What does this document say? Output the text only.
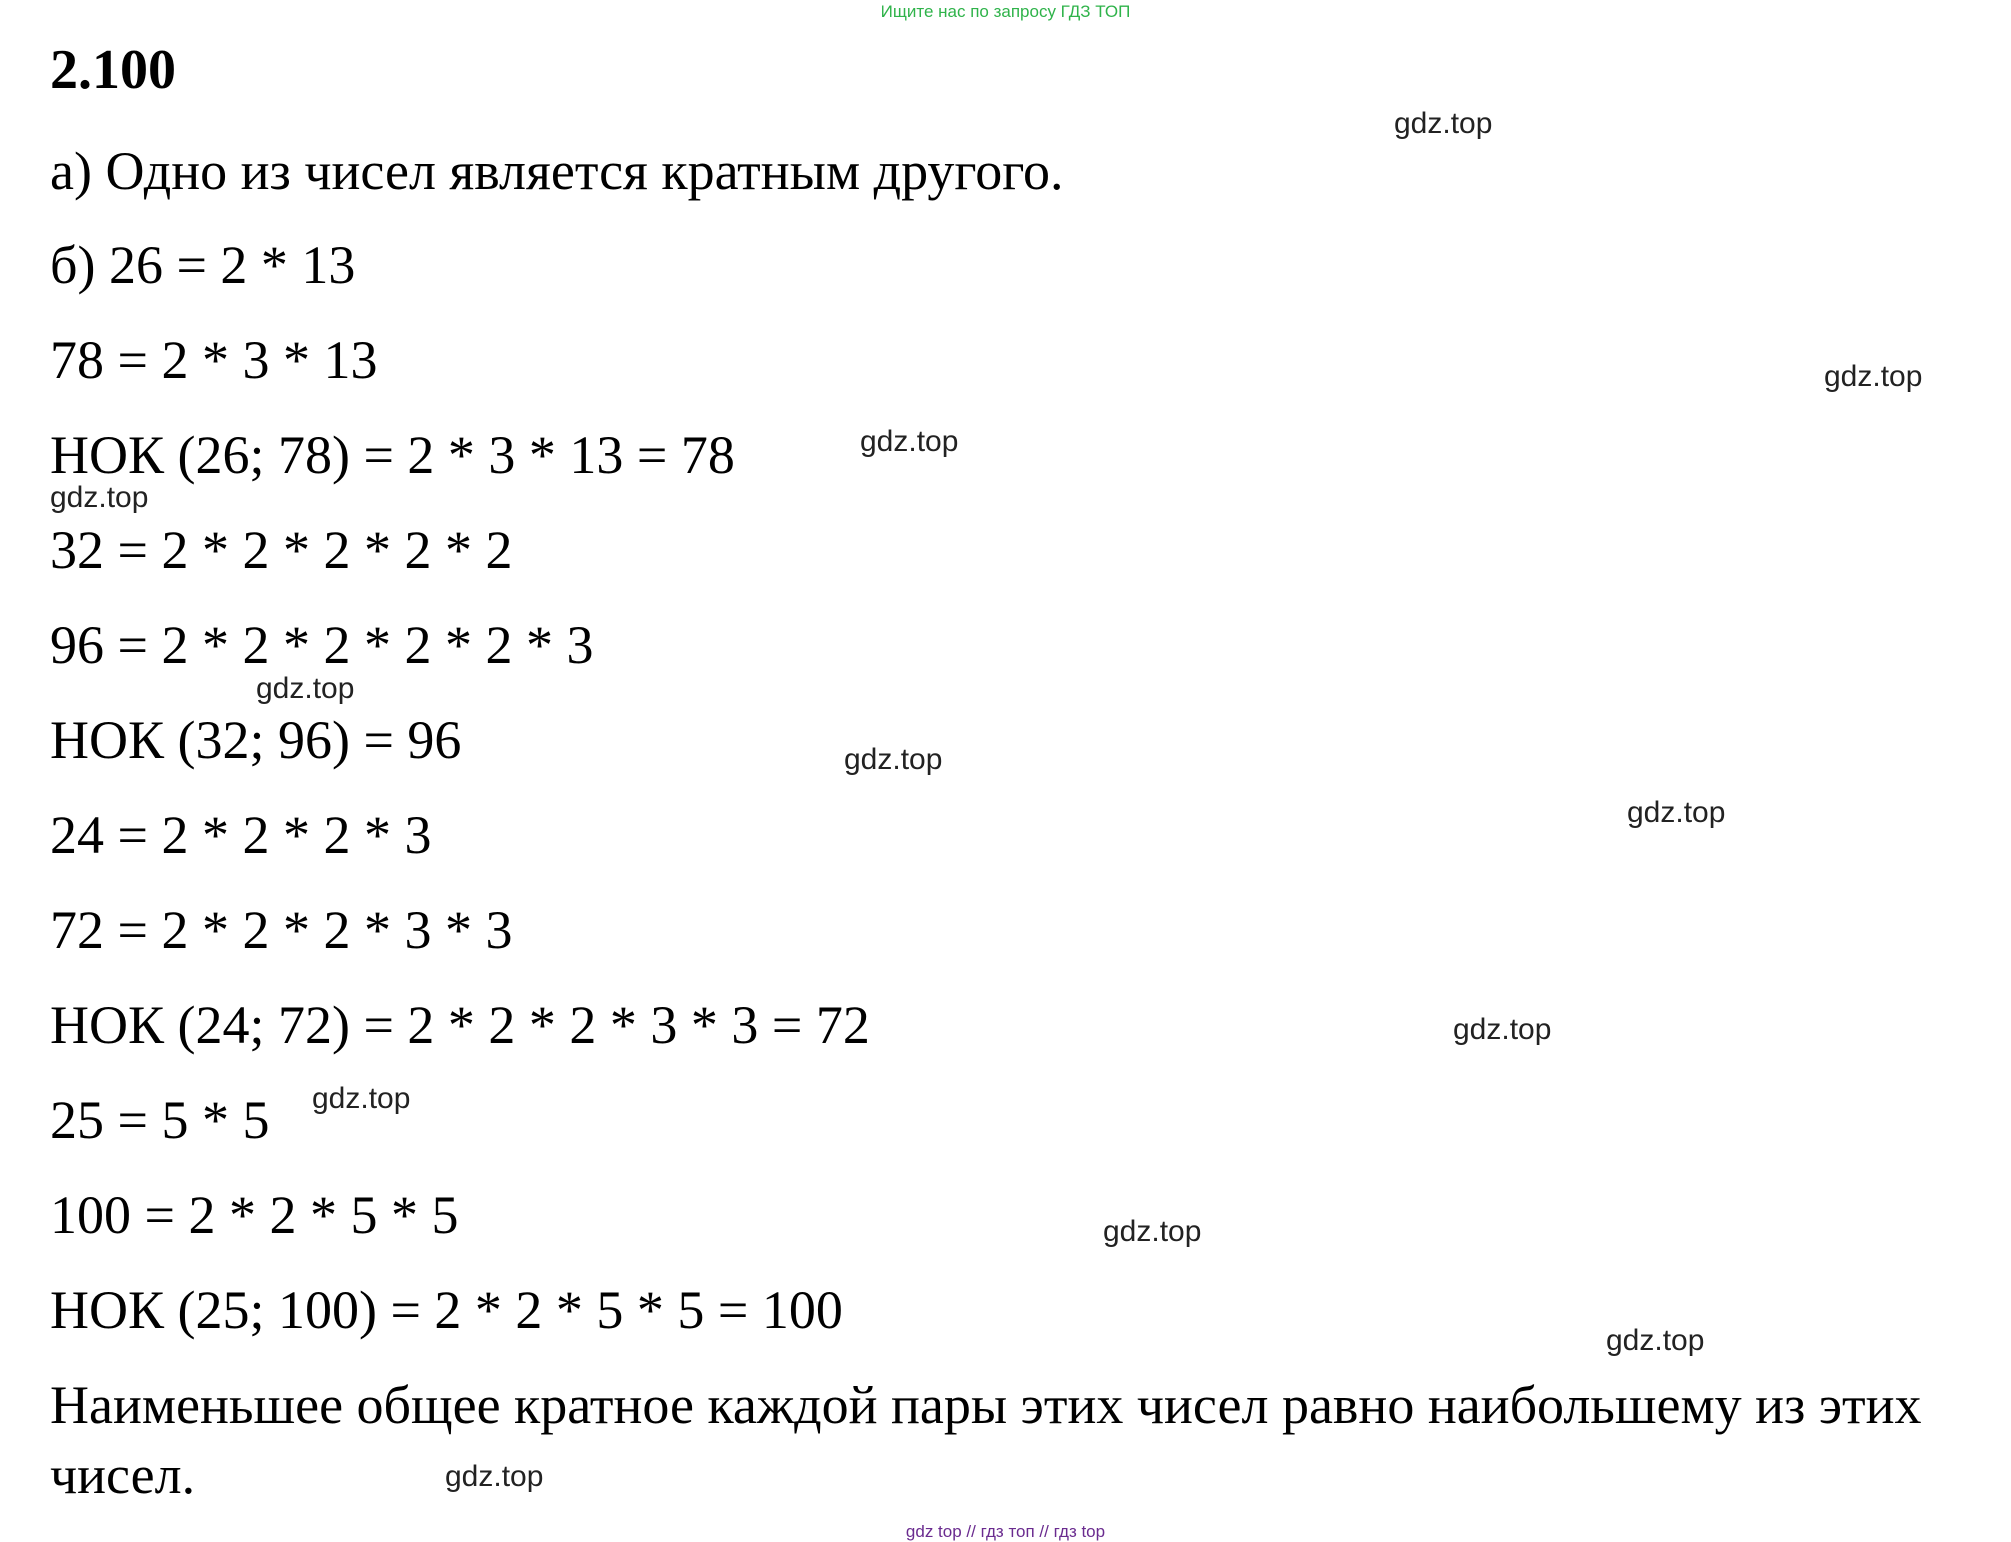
Ищите нас по запросу ГДЗ ТОП
2.100
а) Одно из чисел является кратным другого.
б) 26 = 2 * 13
78 = 2 * 3 * 13
НОК (26; 78) = 2 * 3 * 13 = 78
32 = 2 * 2 * 2 * 2 * 2
96 = 2 * 2 * 2 * 2 * 2 * 3
НОК (32; 96) = 96
24 = 2 * 2 * 2 * 3
72 = 2 * 2 * 2 * 3 * 3
НОК (24; 72) = 2 * 2 * 2 * 3 * 3 = 72
25 = 5 * 5
100 = 2 * 2 * 5 * 5
НОК (25; 100) = 2 * 2 * 5 * 5 = 100
Наименьшее общее кратное каждой пары этих чисел равно наибольшему из этих чисел.
gdz.top
gdz.top
gdz.top
gdz.top
gdz.top
gdz.top
gdz.top
gdz.top
gdz.top
gdz.top
gdz.top
gdz.top
gdz top // гдз топ // гдз top
